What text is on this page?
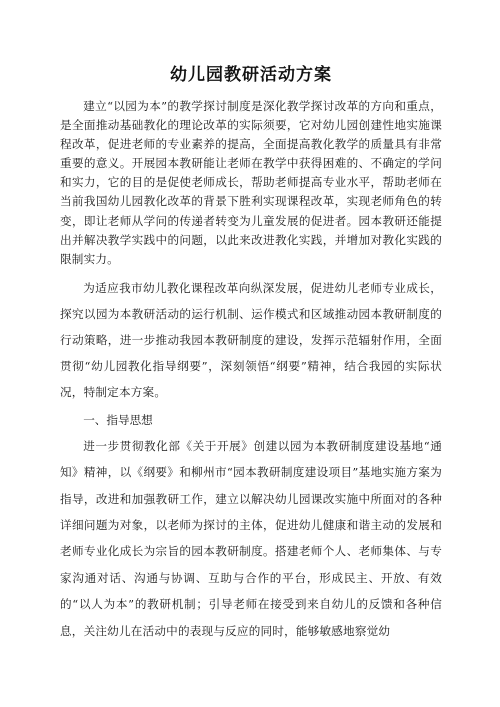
幼儿园教研活动方案

建立“以园为本”的教学探讨制度是深化教学探讨改革的方向和重点，是全面推动基础教化的理论改革的实际须要，它对幼儿园创建性地实施课程改革，促进老师的专业素养的提高，全面提高教化教学的质量具有非常重要的意义。开展园本教研能让老师在教学中获得困难的、不确定的学问和实力，它的目的是促使老师成长，帮助老师提高专业水平，帮助老师在当前我国幼儿园教化改革的背景下胜利实现课程改革，实现老师角色的转变，即让老师从学问的传递者转变为儿童发展的促进者。园本教研还能提出并解决教学实践中的问题，以此来改进教化实践，并增加对教化实践的限制实力。

为适应我市幼儿教化课程改革向纵深发展，促进幼儿老师专业成长，探究以园为本教研活动的运行机制、运作模式和区域推动园本教研制度的行动策略，进一步推动我园本教研制度的建设，发挥示范辐射作用，全面贯彻“幼儿园教化指导纲要”，深刻领悟“纲要”精神，结合我园的实际状况，特制定本方案。

一、指导思想

进一步贯彻教化部《关于开展》创建以园为本教研制度建设基地“通知》精神，以《纲要》和柳州市“园本教研制度建设项目”基地实施方案为指导，改进和加强教研工作，建立以解决幼儿园课改实施中所面对的各种详细问题为对象，以老师为探讨的主体，促进幼儿健康和谐主动的发展和老师专业化成长为宗旨的园本教研制度。搭建老师个人、老师集体、与专家沟通对话、沟通与协调、互助与合作的平台，形成民主、开放、有效的“以人为本”的教研机制；引导老师在接受到来自幼儿的反馈和各种信息，关注幼儿在活动中的表现与反应的同时，能够敏感地察觉幼
